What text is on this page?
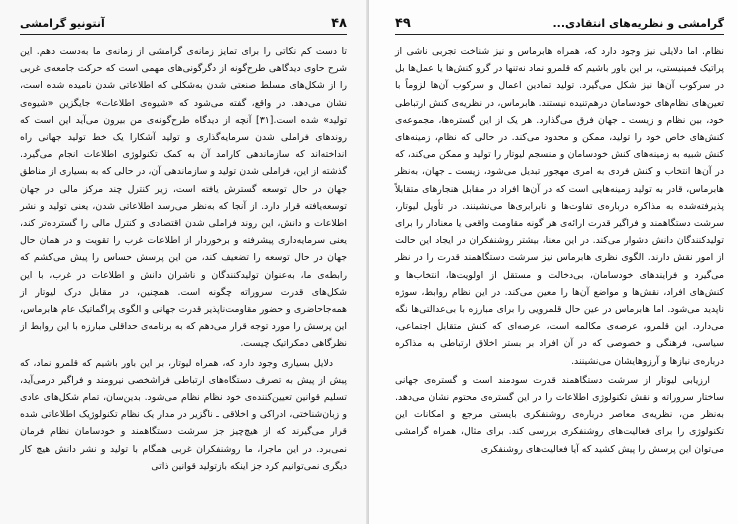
۴۸
آنتونیو گرامشی

تا دست کم نکاتی را برای تمایز زمانه‌ی گرامشی از زمانه‌ی ما به‌دست دهم. این شرح حاوی دیدگاهی طرح‌گونه از دگرگونی‌های مهمی است که حرکت جامعه‌ی غربی را از شکل‌های مسلط صنعتی شدن به‌شکلی که اطلاعاتی شدن نامیده شده است، نشان می‌دهد. در واقع، گفته می‌شود که «شیوه‌ی اطلاعات» جایگزین «شیوه‌ی تولید» شده است.[۳۱] آنچه از دیدگاه طرح‌گونه‌ی من بیرون می‌آید این است که روندهای فراملی شدن سرمایه‌گذاری و تولید آشکارا یک خط تولید جهانی راه انداخته‌اند که سازماندهی کارامد آن به کمک تکنولوژی اطلاعات انجام می‌گیرد. گذشته از این، فراملی شدن تولید و سازماندهی آن، در حالی که به بسیاری از مناطق جهان در حال توسعه گسترش یافته است، زیر کنترل چند مرکز مالی در جهان توسعه‌یافته قرار دارد. از آنجا که به‌نظر می‌رسد اطلاعاتی شدن، یعنی تولید و نشر اطلاعات و دانش، این روند فراملی شدن اقتصادی و کنترل مالی را گسترده‌تر کند، یعنی سرمایه‌داری پیشرفته و برخوردار از اطلاعات غرب را تقویت و در همان حال جهان در حال توسعه را تضعیف کند، من این پرسش حساس را پیش می‌کشم که رابطه‌ی ما، به‌عنوان تولیدکنندگان و ناشران دانش و اطلاعات در غرب، با این شکل‌های قدرت سروراته چگونه است. همچنین، در مقابل درک لیوتار از همه‌جاحاضری و حضور مقاومت‌ناپذیر قدرت جهانی و الگوی پراگماتیک عام هابرماس، این پرسش را مورد توجه قرار می‌دهم که به برنامه‌ی حداقلی مبارزه با این روابط از نظرگاهی دمکراتیک چیست.

دلایل بسیاری وجود دارد که، همراه لیوتار، بر این باور باشیم که قلمرو نماد، که پیش از پیش به تصرف دستگاه‌های ارتباطی فراشخصی نیرومند و فراگیر درمی‌آید، تسلیم قوانین تعیین‌کننده‌ی خود نظام نظام می‌شود. بدین‌سان، تمام شکل‌های عادی و زبان‌شناختی، ادراکی و اخلاقی ـ ناگزیر در مدار یک نظام تکنولوژیک اطلاعاتی شده قرار می‌گیرند که از هیچ‌چیز جز سرشت دستگاهمند و خودسامان نظام فرمان نمی‌برد. در این ماجرا، ما روشنفکران غربی همگام با تولید و نشر دانش هیچ کار دیگری نمی‌توانیم کرد جز اینکه بازتولید قوانین ذاتی

گرامشی و نظریه‌های انتقادی...
۴۹

نظام. اما دلایلی نیز وجود دارد که، همراه هابرماس و نیز شناخت تجربی ناشی از پراتیک فمینیستی، بر این باور باشیم که قلمرو نماد نه‌تنها در گرو کنش‌ها یا عمل‌ها بل در سرکوب آن‌ها نیز شکل می‌گیرد. تولید تمادین اعمال و سرکوب آن‌ها لزوماً با تعین‌های نظام‌های خودسامان درهم‌تنیده نیستند. هابرماس، در نظریه‌ی کنش ارتباطی خود، بین نظام و زیست ـ جهان فرق می‌گذارد. هر یک از این گستره‌ها، مجموعه‌ی کنش‌های خاص خود را تولید، ممکن و محدود می‌کند. در حالی که نظام، زمینه‌های کنش شبیه به زمینه‌های کنش خودسامان و منسجم لیوتار را تولید و ممکن می‌کند، که در آن‌ها انتخاب و کنش فردی به امری مهجور تبدیل می‌شود، زیست ـ جهان، به‌نظر هابرماس، قادر به تولید زمینه‌هایی است که در آن‌ها افراد در مقابل هنجارهای متقابلاً پذیرفته‌شده به مذاکره درباره‌ی تفاوت‌ها و نابرابری‌ها می‌نشینند. در تأویل لیوتار، سرشت دستگاهمند و فراگیر قدرت ارائه‌ی هر گونه مقاومت واقعی یا معنادار را برای تولیدکنندگان دانش دشوار می‌کند. در این معنا، بیشتر روشنفکران در ایجاد این حالت از امور نقش دارند. الگوی نظری هابرماس نیز سرشت دستگاهمند قدرت را در نظر می‌گیرد و فرایندهای خودسامان، بی‌دخالت و مستقل از اولویت‌ها، انتخاب‌ها و کنش‌های افراد، نقش‌ها و مواضع آن‌ها را معین می‌کند. در این نظام روابط، سوژه ناپدید می‌شود. اما هابرماس در عین حال قلمرویی را برای مبارزه با بی‌عدالتی‌ها نگه می‌دارد. این قلمرو، عرصه‌ی مکالمه است، عرصه‌ای که کنش متقابل اجتماعی، سیاسی، فرهنگی و خصوصی که در آن افراد بر بستر اخلاق ارتباطی به مذاکره درباره‌ی نیازها و آرزوهایشان می‌نشینند.

ارزیابی لیوتار از سرشت دستگاهمند قدرت سودمند است و گستره‌ی جهانی ساختار سروراته و نقش تکنولوژی اطلاعات را در این گستره‌ی محتوم نشان می‌دهد. به‌نظر من، نظریه‌ی معاصر درباره‌ی روشنفکری بایستی مرجع و امکانات این تکنولوژی را برای فعالیت‌های روشنفکری بررسی کند. برای مثال، همراه گرامشی می‌توان این پرسش را پیش کشید که آیا فعالیت‌های روشنفکری
